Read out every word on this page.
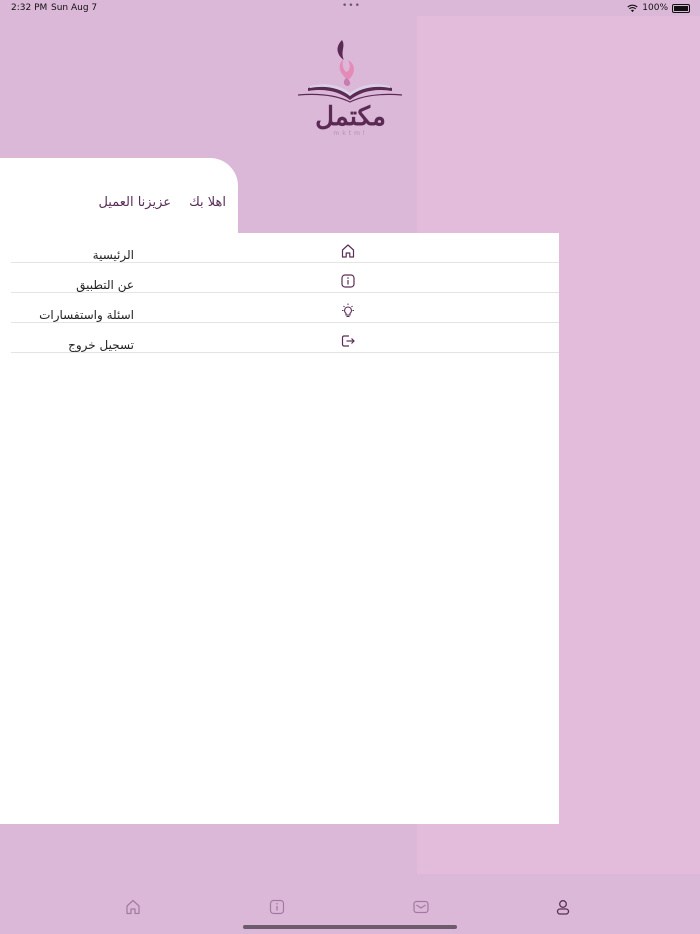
2:32 PM Sun Aug 7	•••	100%
مكتمل
mktml
اهلا بك
عزيزنا العميل
الرئيسية
عن التطبيق
اسئلة واستفسارات
تسجيل خروج
